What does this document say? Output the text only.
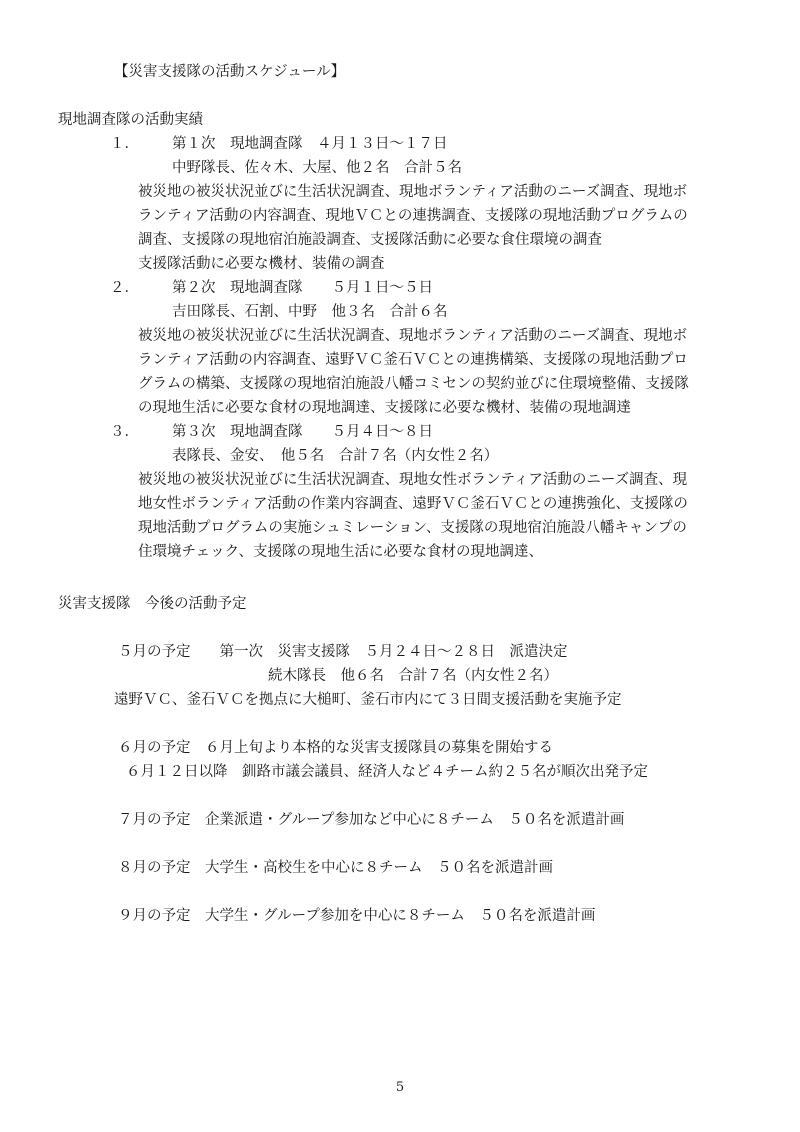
【災害支援隊の活動スケジュール】
現地調査隊の活動実績
１． 第１次　現地調査隊　４月１３日～１７日
中野隊長、佐々木、大屋、他２名　合計５名
被災地の被災状況並びに生活状況調査、現地ボランティア活動のニーズ調査、現地ボ
ランティア活動の内容調査、現地ＶＣとの連携調査、支援隊の現地活動プログラムの
調査、支援隊の現地宿泊施設調査、支援隊活動に必要な食住環境の調査
支援隊活動に必要な機材、装備の調査
２． 第２次　現地調査隊　　５月１日～５日
吉田隊長、石割、中野　他３名　合計６名
被災地の被災状況並びに生活状況調査、現地ボランティア活動のニーズ調査、現地ボ
ランティア活動の内容調査、遠野ＶＣ釜石ＶＣとの連携構築、支援隊の現地活動プロ
グラムの構築、支援隊の現地宿泊施設八幡コミセンの契約並びに住環境整備、支援隊
の現地生活に必要な食材の現地調達、支援隊に必要な機材、装備の現地調達
３． 第３次　現地調査隊　　５月４日～８日
表隊長、金安、　他５名　合計７名（内女性２名）
被災地の被災状況並びに生活状況調査、現地女性ボランティア活動のニーズ調査、現
地女性ボランティア活動の作業内容調査、遠野ＶＣ釜石ＶＣとの連携強化、支援隊の
現地活動プログラムの実施シュミレーション、支援隊の現地宿泊施設八幡キャンプの
住環境チェック、支援隊の現地生活に必要な食材の現地調達、
災害支援隊　今後の活動予定
５月の予定　　第一次　災害支援隊　５月２４日～２８日　派遣決定
続木隊長　他６名　合計７名（内女性２名）
遠野ＶＣ、釜石ＶＣを拠点に大槌町、釜石市内にて３日間支援活動を実施予定
６月の予定　６月上旬より本格的な災害支援隊員の募集を開始する
６月１２日以降　釧路市議会議員、経済人など４チーム約２５名が順次出発予定
７月の予定　企業派遣・グループ参加など中心に８チーム　５０名を派遣計画
８月の予定　大学生・高校生を中心に８チーム　５０名を派遣計画
９月の予定　大学生・グループ参加を中心に８チーム　５０名を派遣計画
5
